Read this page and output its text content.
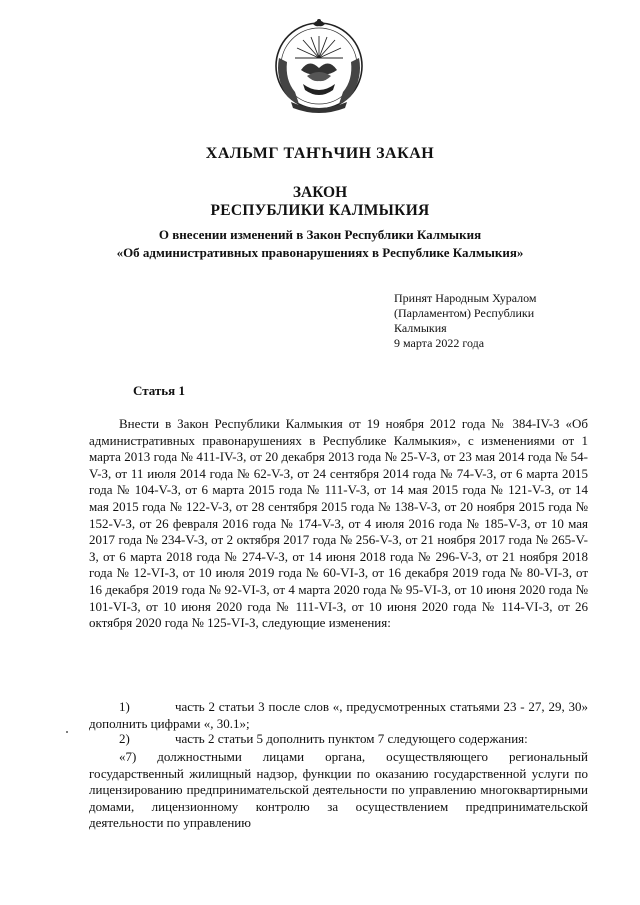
ХАЛЬМГ ТАҤҺЧИН ЗАКАН
ЗАКОН
РЕСПУБЛИКИ КАЛМЫКИЯ
О внесении изменений в Закон Республики Калмыкия
«Об административных правонарушениях в Республике Калмыкия»
Принят Народным Хуралом
(Парламентом) Республики
Калмыкия
9 марта 2022 года
Статья 1
Внести в Закон Республики Калмыкия от 19 ноября 2012 года № 384-IV-З «Об административных правонарушениях в Республике Калмыкия», с изменениями от 1 марта 2013 года № 411-IV-З, от 20 декабря 2013 года № 25-V-З, от 23 мая 2014 года № 54-V-З, от 11 июля 2014 года № 62-V-З, от 24 сентября 2014 года № 74-V-З, от 6 марта 2015 года № 104-V-З, от 6 марта 2015 года № 111-V-З, от 14 мая 2015 года № 121-V-З, от 14 мая 2015 года № 122-V-З, от 28 сентября 2015 года № 138-V-З, от 20 ноября 2015 года № 152-V-З, от 26 февраля 2016 года № 174-V-З, от 4 июля 2016 года № 185-V-З, от 10 мая 2017 года № 234-V-З, от 2 октября 2017 года № 256-V-З, от 21 ноября 2017 года № 265-V-З, от 6 марта 2018 года № 274-V-З, от 14 июня 2018 года № 296-V-З, от 21 ноября 2018 года № 12-VI-З, от 10 июля 2019 года № 60-VI-З, от 16 декабря 2019 года № 80-VI-З, от 16 декабря 2019 года № 92-VI-З, от 4 марта 2020 года № 95-VI-З, от 10 июня 2020 года № 101-VI-З, от 10 июня 2020 года № 111-VI-З, от 10 июня 2020 года № 114-VI-З, от 26 октября 2020 года № 125-VI-З, следующие изменения:
1)	часть 2 статьи 3 после слов «, предусмотренных статьями 23 - 27, 29, 30» дополнить цифрами «, 30.1»;
2)	часть 2 статьи 5 дополнить пунктом 7 следующего содержания:
«7) должностными лицами органа, осуществляющего региональный государственный жилищный надзор, функции по оказанию государственной услуги по лицензированию предпринимательской деятельности по управлению многоквартирными домами, лицензионному контролю за осуществлением предпринимательской деятельности по управлению
